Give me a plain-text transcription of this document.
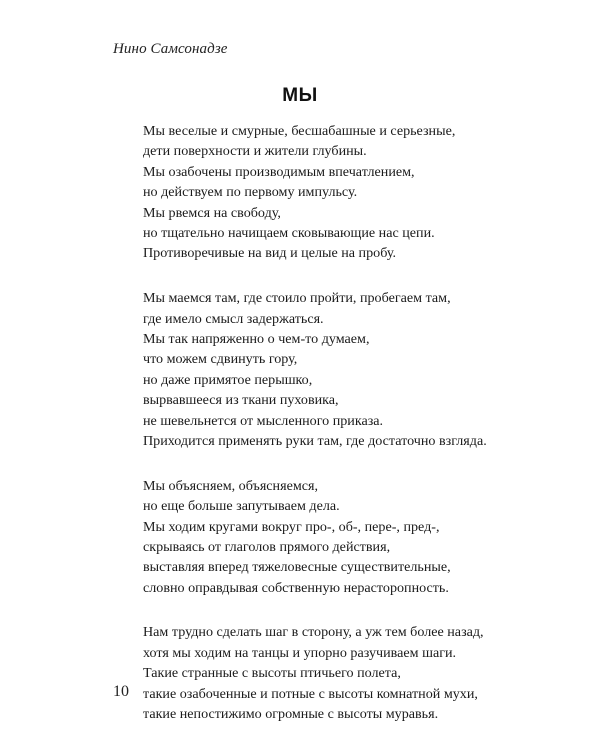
Нино Самсонадзе
МЫ
Мы веселые и смурные, бесшабашные и серьезные,
дети поверхности и жители глубины.
Мы озабочены производимым впечатлением,
но действуем по первому импульсу.
Мы рвемся на свободу,
но тщательно начищаем сковывающие нас цепи.
Противоречивые на вид и целые на пробу.
Мы маемся там, где стоило пройти, пробегаем там,
где имело смысл задержаться.
Мы так напряженно о чем-то думаем,
что можем сдвинуть гору,
но даже примятое перышко,
вырвавшееся из ткани пуховика,
не шевельнется от мысленного приказа.
Приходится применять руки там, где достаточно взгляда.
Мы объясняем, объясняемся,
но еще больше запутываем дела.
Мы ходим кругами вокруг про-, об-, пере-, пред-,
скрываясь от глаголов прямого действия,
выставляя вперед тяжеловесные существительные,
словно оправдывая собственную нерасторопность.
Нам трудно сделать шаг в сторону, а уж тем более назад,
хотя мы ходим на танцы и упорно разучиваем шаги.
Такие странные с высоты птичьего полета,
такие озабоченные и потные с высоты комнатной мухи,
такие непостижимо огромные с высоты муравья.
10
